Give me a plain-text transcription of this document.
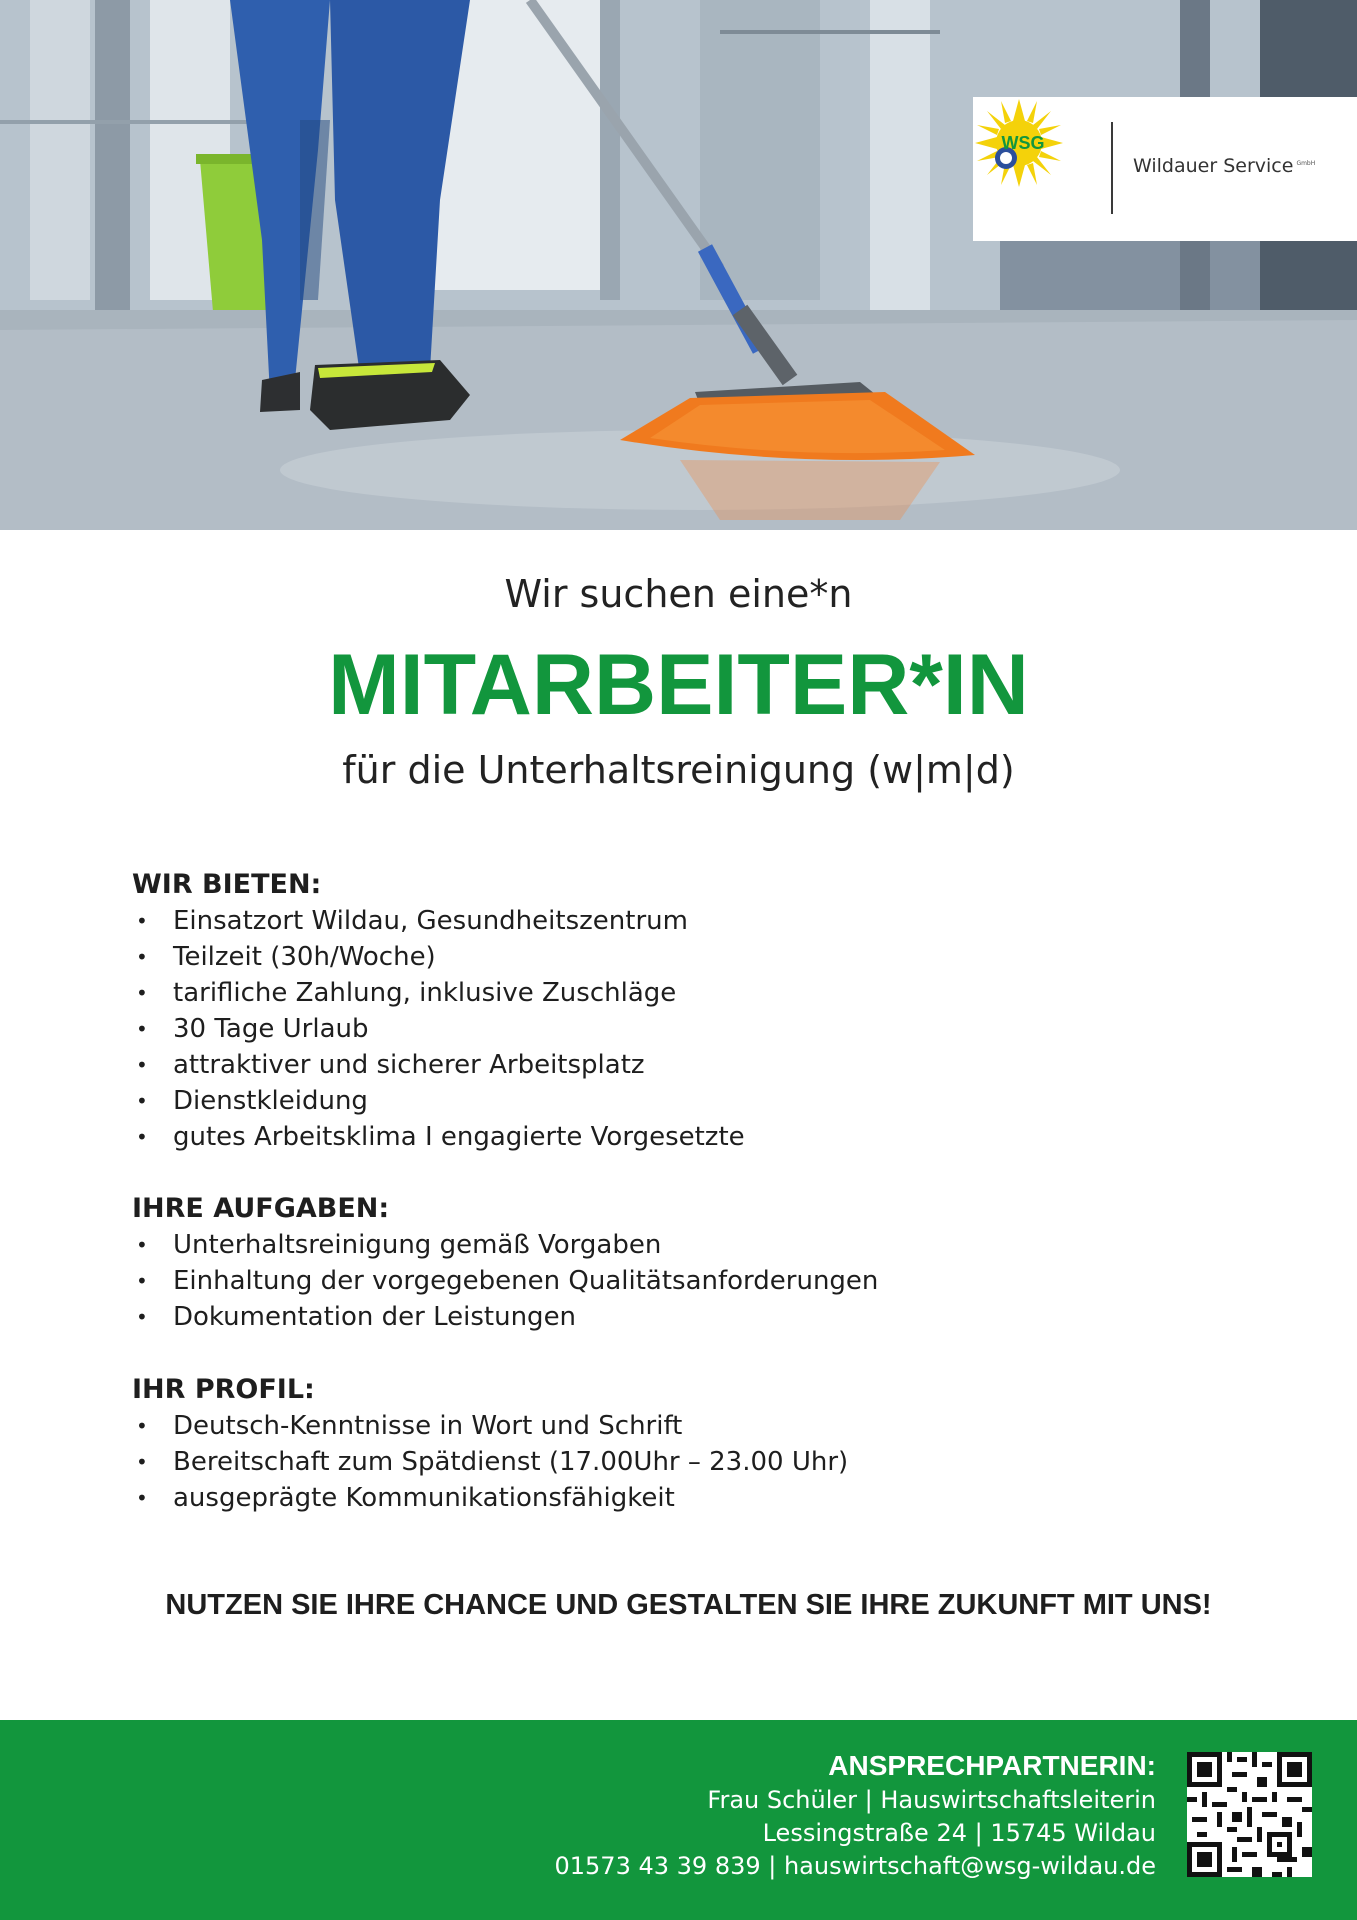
WSG
Wildauer Service $^{GmbH}$
Wir suchen eine*n
MITARBEITER*IN
für die Unterhaltsreinigung (w|m|d)
WIR BIETEN:
• Einsatzort Wildau, Gesundheitszentrum
• Teilzeit (30h/Woche)
• tarifliche Zahlung, inklusive Zuschläge
• 30 Tage Urlaub
• attraktiver und sicherer Arbeitsplatz
• Dienstkleidung
• gutes Arbeitsklima I engagierte Vorgesetzte
IHRE AUFGABEN:
• Unterhaltsreinigung gemäß Vorgaben
• Einhaltung der vorgegebenen Qualitätsanforderungen
• Dokumentation der Leistungen
IHR PROFIL:
• Deutsch-Kenntnisse in Wort und Schrift
• Bereitschaft zum Spätdienst (17.00Uhr – 23.00 Uhr)
• ausgeprägte Kommunikationsfähigkeit
NUTZEN SIE IHRE CHANCE UND GESTALTEN SIE IHRE ZUKUNFT MIT UNS!
ANSPRECHPARTNERIN:
Frau Schüler | Hauswirtschaftsleiterin
Lessingstraße 24 | 15745 Wildau
01573 43 39 839 | hauswirtschaft@wsg-wildau.de
